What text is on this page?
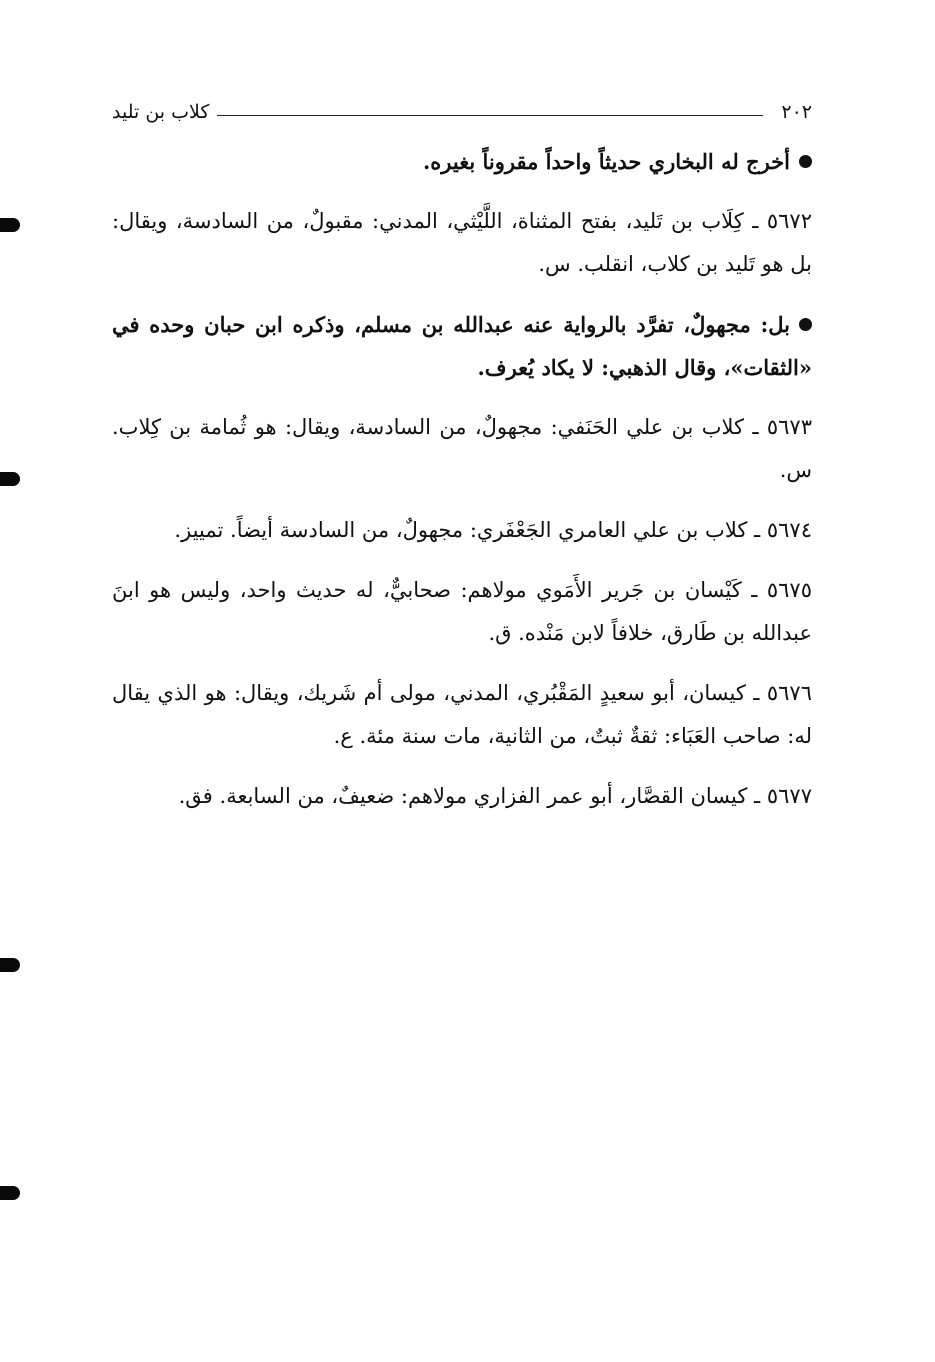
٢٠٢
كلاب بن تليد

أخرج له البخاري حديثاً واحداً مقروناً بغيره.

٥٦٧٢ ـ كِلَاب بن تَليد، بفتح المثناة، اللَّيْثي، المدني: مقبولٌ، من السادسة، ويقال: بل هو تَليد بن كلاب، انقلب. س.

بل: مجهولٌ، تفرَّد بالرواية عنه عبدالله بن مسلم، وذكره ابن حبان وحده في «الثقات»، وقال الذهبي: لا يكاد يُعرف.

٥٦٧٣ ـ كلاب بن علي الحَنَفي: مجهولٌ، من السادسة، ويقال: هو ثُمامة بن كِلاب. س.

٥٦٧٤ ـ كلاب بن علي العامري الجَعْفَري: مجهولٌ، من السادسة أيضاً. تمييز.

٥٦٧٥ ـ كَيْسان بن جَرير الأَمَوي مولاهم: صحابيٌّ، له حديث واحد، وليس هو ابنَ عبدالله بن طَارق، خلافاً لابن مَنْده. ق.

٥٦٧٦ ـ كيسان، أبو سعيدٍ المَقْبُري، المدني، مولى أم شَريك، ويقال: هو الذي يقال له: صاحب العَبَاء: ثقةٌ ثبتٌ، من الثانية، مات سنة مئة. ع.

٥٦٧٧ ـ كيسان القصَّار، أبو عمر الفزاري مولاهم: ضعيفٌ، من السابعة. فق.
